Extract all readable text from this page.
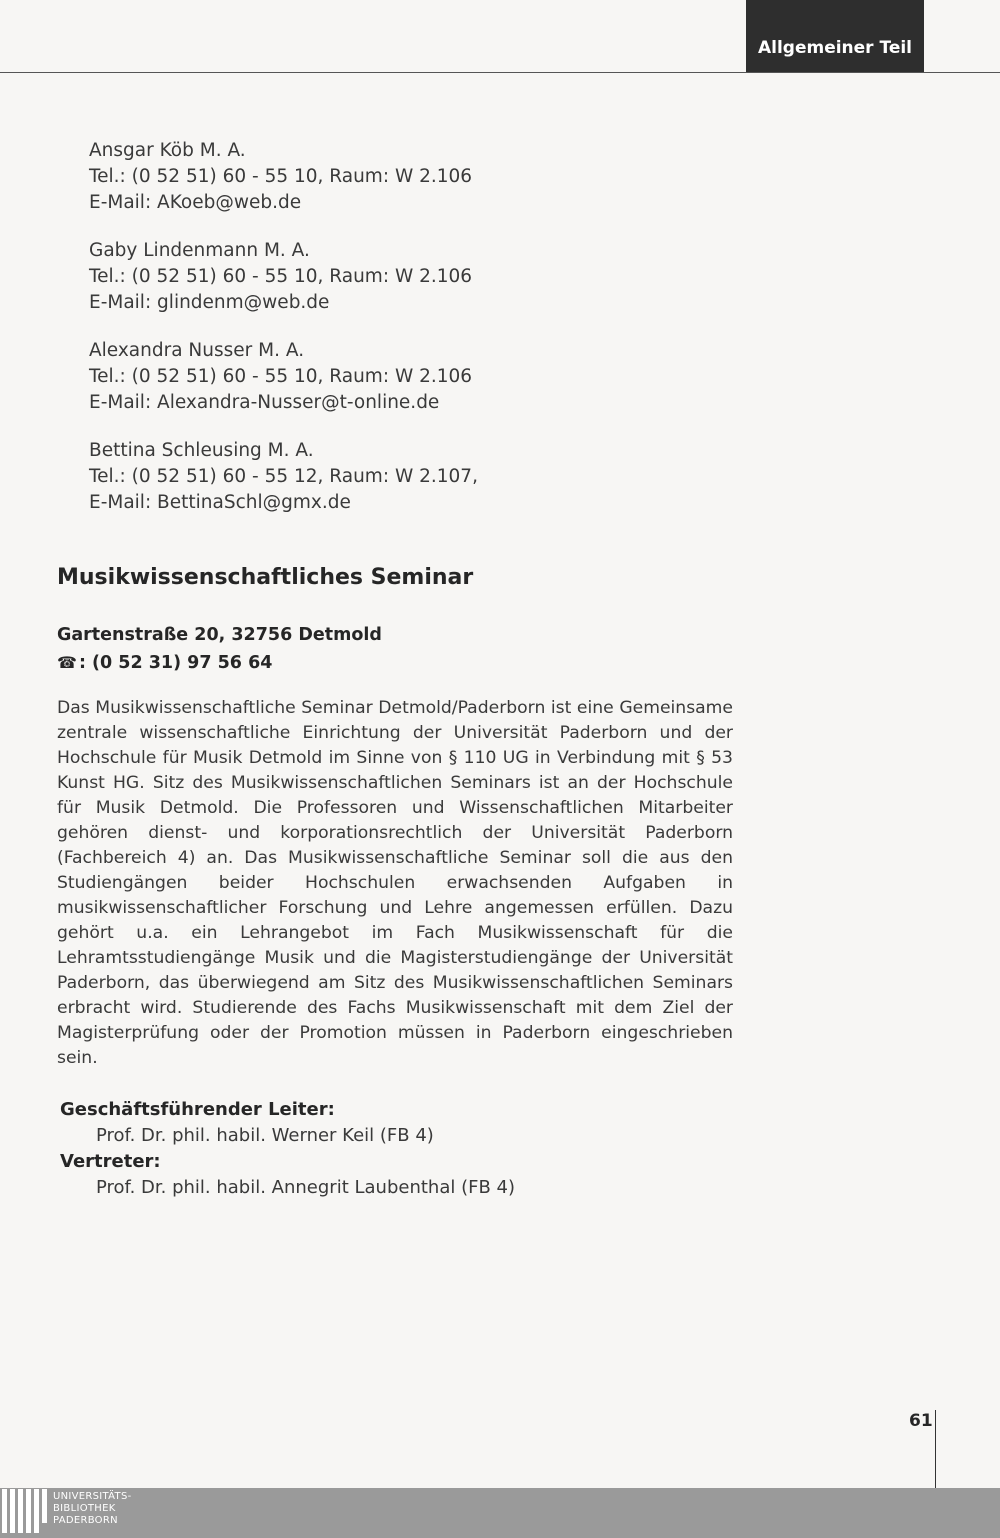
Allgemeiner Teil
Ansgar Köb M. A.
Tel.: (0 52 51) 60 - 55 10, Raum: W 2.106
E-Mail: AKoeb@web.de
Gaby Lindenmann M. A.
Tel.: (0 52 51) 60 - 55 10, Raum: W 2.106
E-Mail: glindenm@web.de
Alexandra Nusser M. A.
Tel.: (0 52 51) 60 - 55 10, Raum: W 2.106
E-Mail: Alexandra-Nusser@t-online.de
Bettina Schleusing M. A.
Tel.: (0 52 51) 60 - 55 12, Raum: W 2.107,
E-Mail: BettinaSchl@gmx.de
Musikwissenschaftliches Seminar
Gartenstraße 20, 32756 Detmold
☎ : (0 52 31) 97 56 64
Das Musikwissenschaftliche Seminar Detmold/Paderborn ist eine Gemeinsame zentrale wissenschaftliche Einrichtung der Universität Paderborn und der Hochschule für Musik Detmold im Sinne von § 110 UG in Verbindung mit § 53 Kunst HG. Sitz des Musikwissenschaftlichen Seminars ist an der Hochschule für Musik Detmold. Die Professoren und Wissenschaftlichen Mitarbeiter gehören dienst- und korporationsrechtlich der Universität Paderborn (Fachbereich 4) an. Das Musikwissenschaftliche Seminar soll die aus den Studiengängen beider Hochschulen erwachsenden Aufgaben in musikwissenschaftlicher Forschung und Lehre angemessen erfüllen. Dazu gehört u.a. ein Lehrangebot im Fach Musikwissenschaft für die Lehramtsstudiengänge Musik und die Magisterstudiengänge der Universität Paderborn, das überwiegend am Sitz des Musikwissenschaftlichen Seminars erbracht wird. Studierende des Fachs Musikwissenschaft mit dem Ziel der Magisterprüfung oder der Promotion müssen in Paderborn eingeschrieben sein.
Geschäftsführender Leiter:
Prof. Dr. phil. habil. Werner Keil (FB 4)
Vertreter:
Prof. Dr. phil. habil. Annegrit Laubenthal (FB 4)
61
UNIVERSITÄTS-
BIBLIOTHEK
PADERBORN
